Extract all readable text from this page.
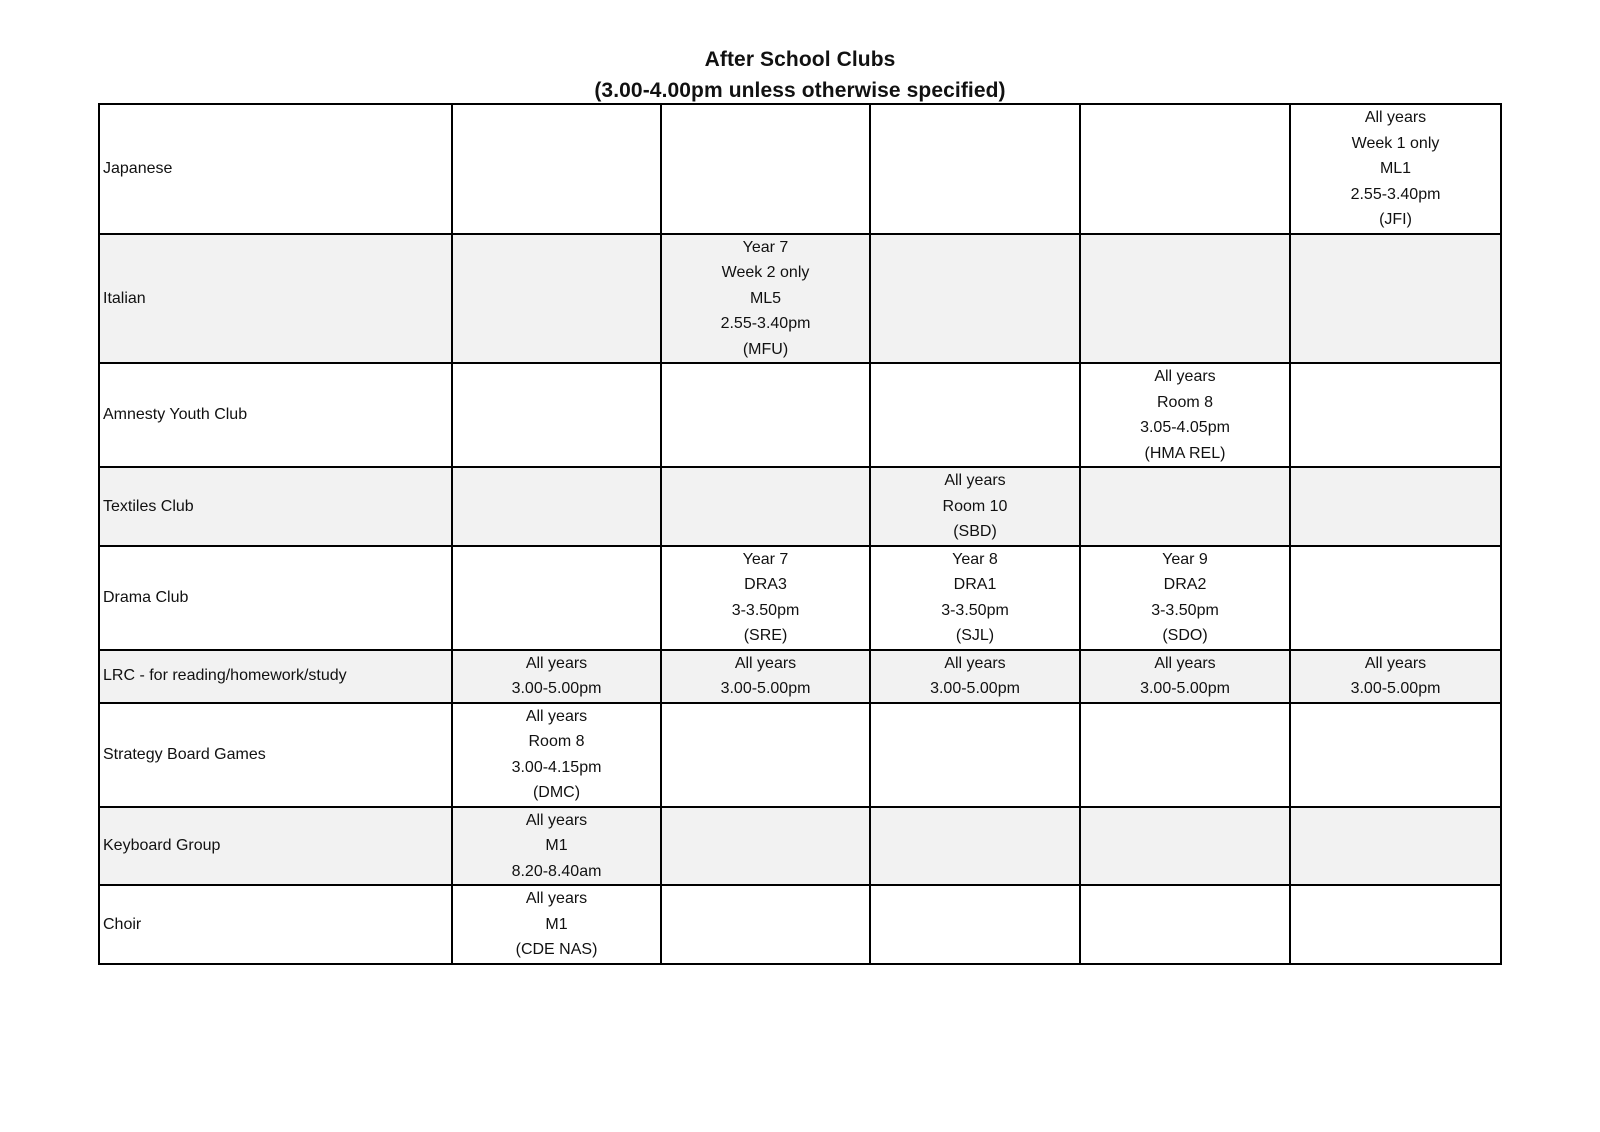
After School Clubs
(3.00-4.00pm unless otherwise specified)
Japanese					All years
Week 1 only
ML1
2.55-3.40pm
(JFI)

Italian		Year 7
Week 2 only
ML5
2.55-3.40pm
(MFU)			

Amnesty Youth Club				All years
Room 8
3.05-4.05pm
(HMA REL)	

Textiles Club			All years
Room 10
(SBD)		

Drama Club		Year 7
DRA3
3-3.50pm
(SRE)	Year 8
DRA1
3-3.50pm
(SJL)	Year 9
DRA2
3-3.50pm
(SDO)	

LRC - for reading/homework/study	All years
3.00-5.00pm	All years
3.00-5.00pm	All years
3.00-5.00pm	All years
3.00-5.00pm	All years
3.00-5.00pm

Strategy Board Games	All years
Room 8
3.00-4.15pm
(DMC)				

Keyboard Group	All years
M1
8.20-8.40am				

Choir	All years
M1
(CDE NAS)				
